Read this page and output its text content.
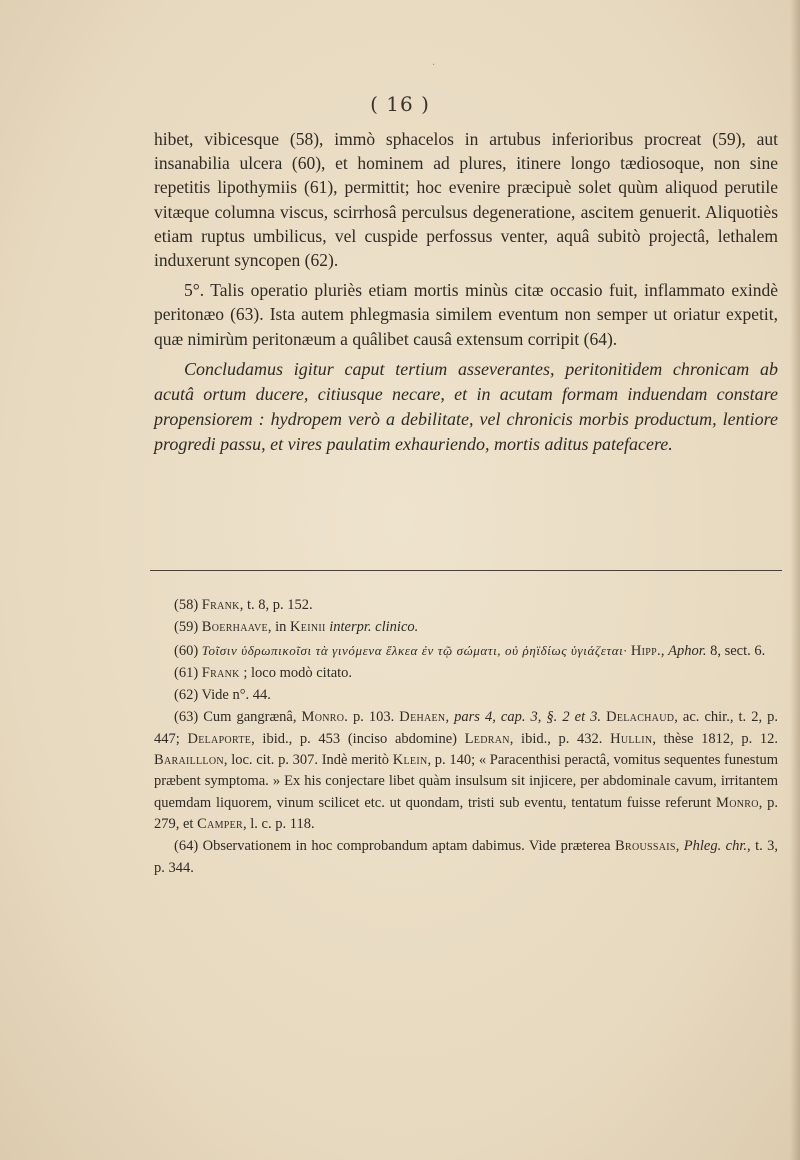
·
( 16 )

hibet, vibicesque (58), immò sphacelos in artubus inferioribus procreat (59), aut insanabilia ulcera (60), et hominem ad plures, itinere longo tædiosoque, non sine repetitis lipothymiis (61), permittit; hoc evenire præcipuè solet quùm aliquod perutile vitæque columna viscus, scirrhosâ perculsus degeneratione, ascitem genuerit. Aliquotiès etiam ruptus umbilicus, vel cuspide perfossus venter, aquâ subitò projectâ, lethalem induxerunt syncopen (62).

5°. Talis operatio pluriès etiam mortis minùs citæ occasio fuit, inflammato exindè peritonæo (63). Ista autem phlegmasia similem eventum non semper ut oriatur expetit, quæ nimirùm peritonæum a quâlibet causâ extensum corripit (64).

Concludamus igitur caput tertium asseverantes, peritonitidem chronicam ab acutâ ortum ducere, citiusque necare, et in acutam formam induendam constare propensiorem : hydropem verò a debilitate, vel chronicis morbis productum, lentiore progredi passu, et vires paulatim exhauriendo, mortis aditus patefacere.

(58) Frank, t. 8, p. 152.

(59) Boerhaave, in Keinii interpr. clinico.

(60) Τοῖσιν ὑδρωπικοῖσι τὰ γινόμενα ἕλκεα ἐν τῷ σώματι, οὐ ῥηϊδίως ὑγιάζεται· Hipp., Aphor. 8, sect. 6.

(61) Frank ; loco modò citato.

(62) Vide n°. 44.

(63) Cum gangrænâ, Monro. p. 103. Dehaen, pars 4, cap. 3, §. 2 et 3. Delachaud, ac. chir., t. 2, p. 447; Delaporte, ibid., p. 453 (inciso abdomine) Ledran, ibid., p. 432. Hullin, thèse 1812, p. 12. Barailllon, loc. cit. p. 307. Indè meritò Klein, p. 140; « Paracenthisi peractâ, vomitus sequentes funestum præbent symptoma. » Ex his conjectare libet quàm insulsum sit injicere, per abdominale cavum, irritantem quemdam liquorem, vinum scilicet etc. ut quondam, tristi sub eventu, tentatum fuisse referunt Monro, p. 279, et Camper, l. c. p. 118.

(64) Observationem in hoc comprobandum aptam dabimus. Vide præterea Broussais, Phleg. chr., t. 3, p. 344.
